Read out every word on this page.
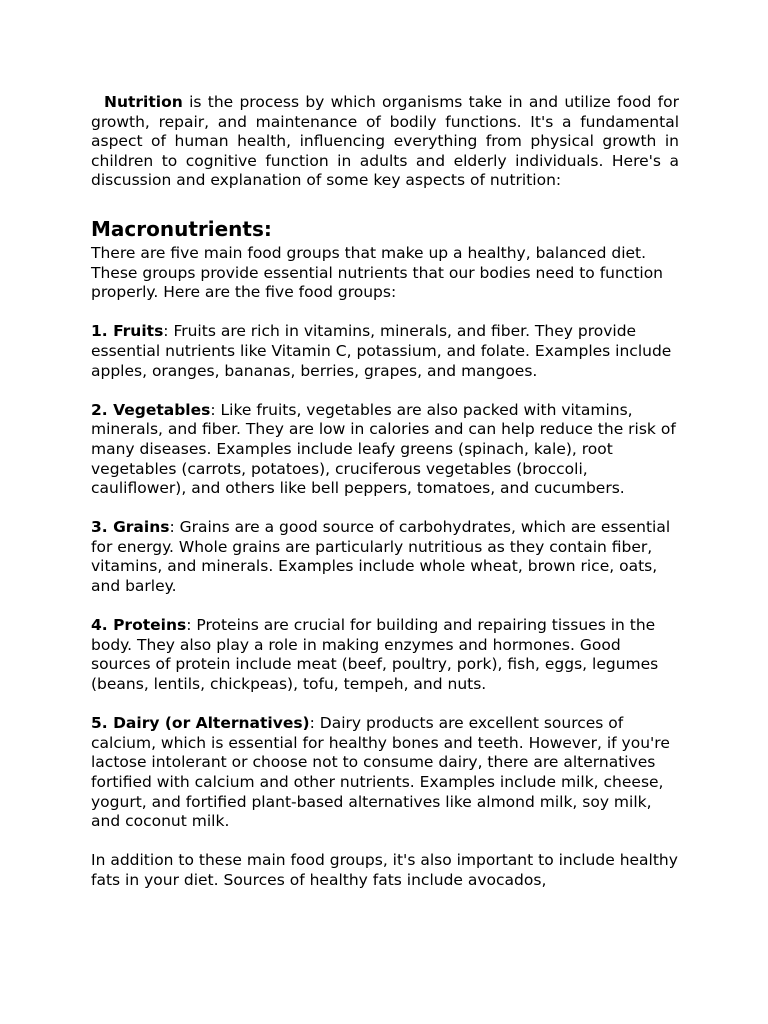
Nutrition is the process by which organisms take in and utilize food for growth, repair, and maintenance of bodily functions. It's a fundamental aspect of human health, influencing everything from physical growth in children to cognitive function in adults and elderly individuals. Here's a discussion and explanation of some key aspects of nutrition:

Macronutrients:

There are five main food groups that make up a healthy, balanced diet. These groups provide essential nutrients that our bodies need to function properly. Here are the five food groups:

1. Fruits: Fruits are rich in vitamins, minerals, and fiber. They provide essential nutrients like Vitamin C, potassium, and folate. Examples include apples, oranges, bananas, berries, grapes, and mangoes.

2. Vegetables: Like fruits, vegetables are also packed with vitamins, minerals, and fiber. They are low in calories and can help reduce the risk of many diseases. Examples include leafy greens (spinach, kale), root vegetables (carrots, potatoes), cruciferous vegetables (broccoli, cauliflower), and others like bell peppers, tomatoes, and cucumbers.

3. Grains: Grains are a good source of carbohydrates, which are essential for energy. Whole grains are particularly nutritious as they contain fiber, vitamins, and minerals. Examples include whole wheat, brown rice, oats, and barley.

4. Proteins: Proteins are crucial for building and repairing tissues in the body. They also play a role in making enzymes and hormones. Good sources of protein include meat (beef, poultry, pork), fish, eggs, legumes (beans, lentils, chickpeas), tofu, tempeh, and nuts.

5. Dairy (or Alternatives): Dairy products are excellent sources of calcium, which is essential for healthy bones and teeth. However, if you're lactose intolerant or choose not to consume dairy, there are alternatives fortified with calcium and other nutrients. Examples include milk, cheese, yogurt, and fortified plant-based alternatives like almond milk, soy milk, and coconut milk.

In addition to these main food groups, it's also important to include healthy fats in your diet. Sources of healthy fats include avocados,
